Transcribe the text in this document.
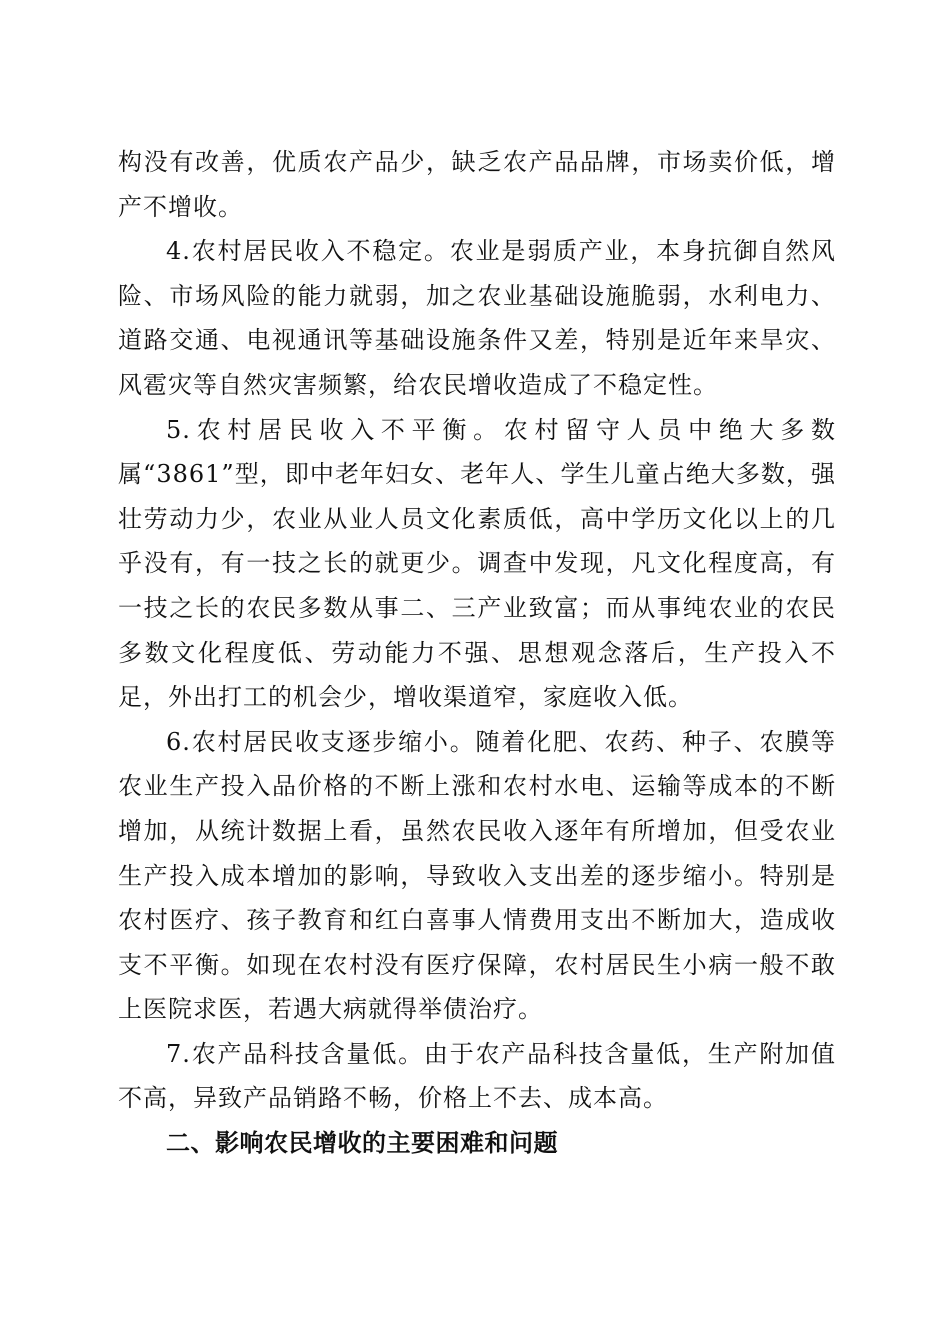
构没有改善，优质农产品少，缺乏农产品品牌，市场卖价低，增产不增收。

4.农村居民收入不稳定。农业是弱质产业，本身抗御自然风险、市场风险的能力就弱，加之农业基础设施脆弱，水利电力、道路交通、电视通讯等基础设施条件又差，特别是近年来旱灾、风雹灾等自然灾害频繁，给农民增收造成了不稳定性。

5.农村居民收入不平衡。农村留守人员中绝大多数属“3861”型，即中老年妇女、老年人、学生儿童占绝大多数，强壮劳动力少，农业从业人员文化素质低，高中学历文化以上的几乎没有，有一技之长的就更少。调查中发现，凡文化程度高，有一技之长的农民多数从事二、三产业致富；而从事纯农业的农民多数文化程度低、劳动能力不强、思想观念落后，生产投入不足，外出打工的机会少，增收渠道窄，家庭收入低。

6.农村居民收支逐步缩小。随着化肥、农药、种子、农膜等农业生产投入品价格的不断上涨和农村水电、运输等成本的不断增加，从统计数据上看，虽然农民收入逐年有所增加，但受农业生产投入成本增加的影响，导致收入支出差的逐步缩小。特别是农村医疗、孩子教育和红白喜事人情费用支出不断加大，造成收支不平衡。如现在农村没有医疗保障，农村居民生小病一般不敢上医院求医，若遇大病就得举债治疗。

7.农产品科技含量低。由于农产品科技含量低，生产附加值不高，异致产品销路不畅，价格上不去、成本高。

二、影响农民增收的主要困难和问题
